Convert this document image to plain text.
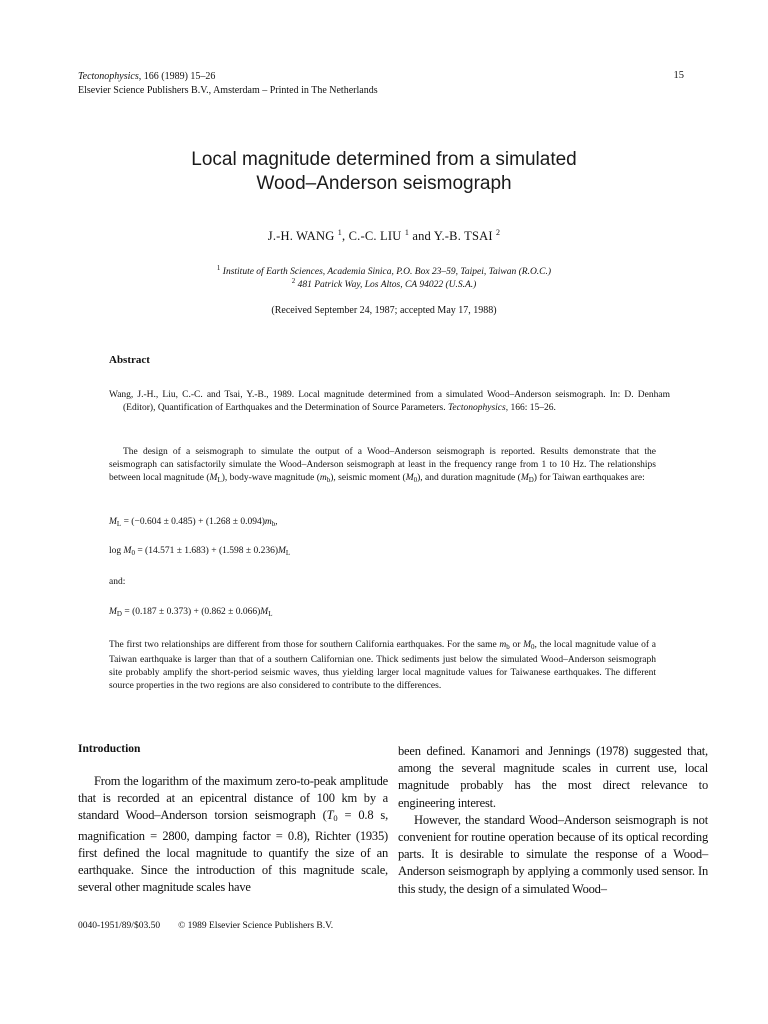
Tectonophysics, 166 (1989) 15–26
Elsevier Science Publishers B.V., Amsterdam – Printed in The Netherlands
15
Local magnitude determined from a simulated
Wood–Anderson seismograph
J.-H. WANG $^1$, C.-C. LIU $^1$ and Y.-B. TSAI $^2$
$^1$ Institute of Earth Sciences, Academia Sinica, P.O. Box 23–59, Taipei, Taiwan (R.O.C.)
$^2$ 481 Patrick Way, Los Altos, CA 94022 (U.S.A.)
(Received September 24, 1987; accepted May 17, 1988)
Abstract
Wang, J.-H., Liu, C.-C. and Tsai, Y.-B., 1989. Local magnitude determined from a simulated Wood–Anderson seismograph. In: D. Denham (Editor), Quantification of Earthquakes and the Determination of Source Parameters. Tectonophysics, 166: 15–26.
The design of a seismograph to simulate the output of a Wood–Anderson seismograph is reported. Results demonstrate that the seismograph can satisfactorily simulate the Wood–Anderson seismograph at least in the frequency range from 1 to 10 Hz. The relationships between local magnitude $(M_L)$, body-wave magnitude $(m_b)$, seismic moment $(M_0)$, and duration magnitude $(M_D)$ for Taiwan earthquakes are:
$M_L = (-0.604 \pm 0.485) + (1.268 \pm 0.094)m_b$,
$\log M_0 = (14.571 \pm 1.683) + (1.598 \pm 0.236)M_L$
and:
$M_D = (0.187 \pm 0.373) + (0.862 \pm 0.066)M_L$
The first two relationships are different from those for southern California earthquakes. For the same $m_b$ or $M_0$, the local magnitude value of a Taiwan earthquake is larger than that of a southern Californian one. Thick sediments just below the simulated Wood–Anderson seismograph site probably amplify the short-period seismic waves, thus yielding larger local magnitude values for Taiwanese earthquakes. The different source properties in the two regions are also considered to contribute to the differences.
Introduction

From the logarithm of the maximum zero-to-peak amplitude that is recorded at an epicentral distance of 100 km by a standard Wood–Anderson torsion seismograph ($T_0 = 0.8$ s, magnification = 2800, damping factor = 0.8), Richter (1935) first defined the local magnitude to quantify the size of an earthquake. Since the introduction of this magnitude scale, several other magnitude scales have

been defined. Kanamori and Jennings (1978) suggested that, among the several magnitude scales in current use, local magnitude probably has the most direct relevance to engineering interest.

However, the standard Wood–Anderson seismograph is not convenient for routine operation because of its optical recording parts. It is desirable to simulate the response of a Wood–Anderson seismograph by applying a commonly used sensor. In this study, the design of a simulated Wood–

0040-1951/89/$03.50 © 1989 Elsevier Science Publishers B.V.
